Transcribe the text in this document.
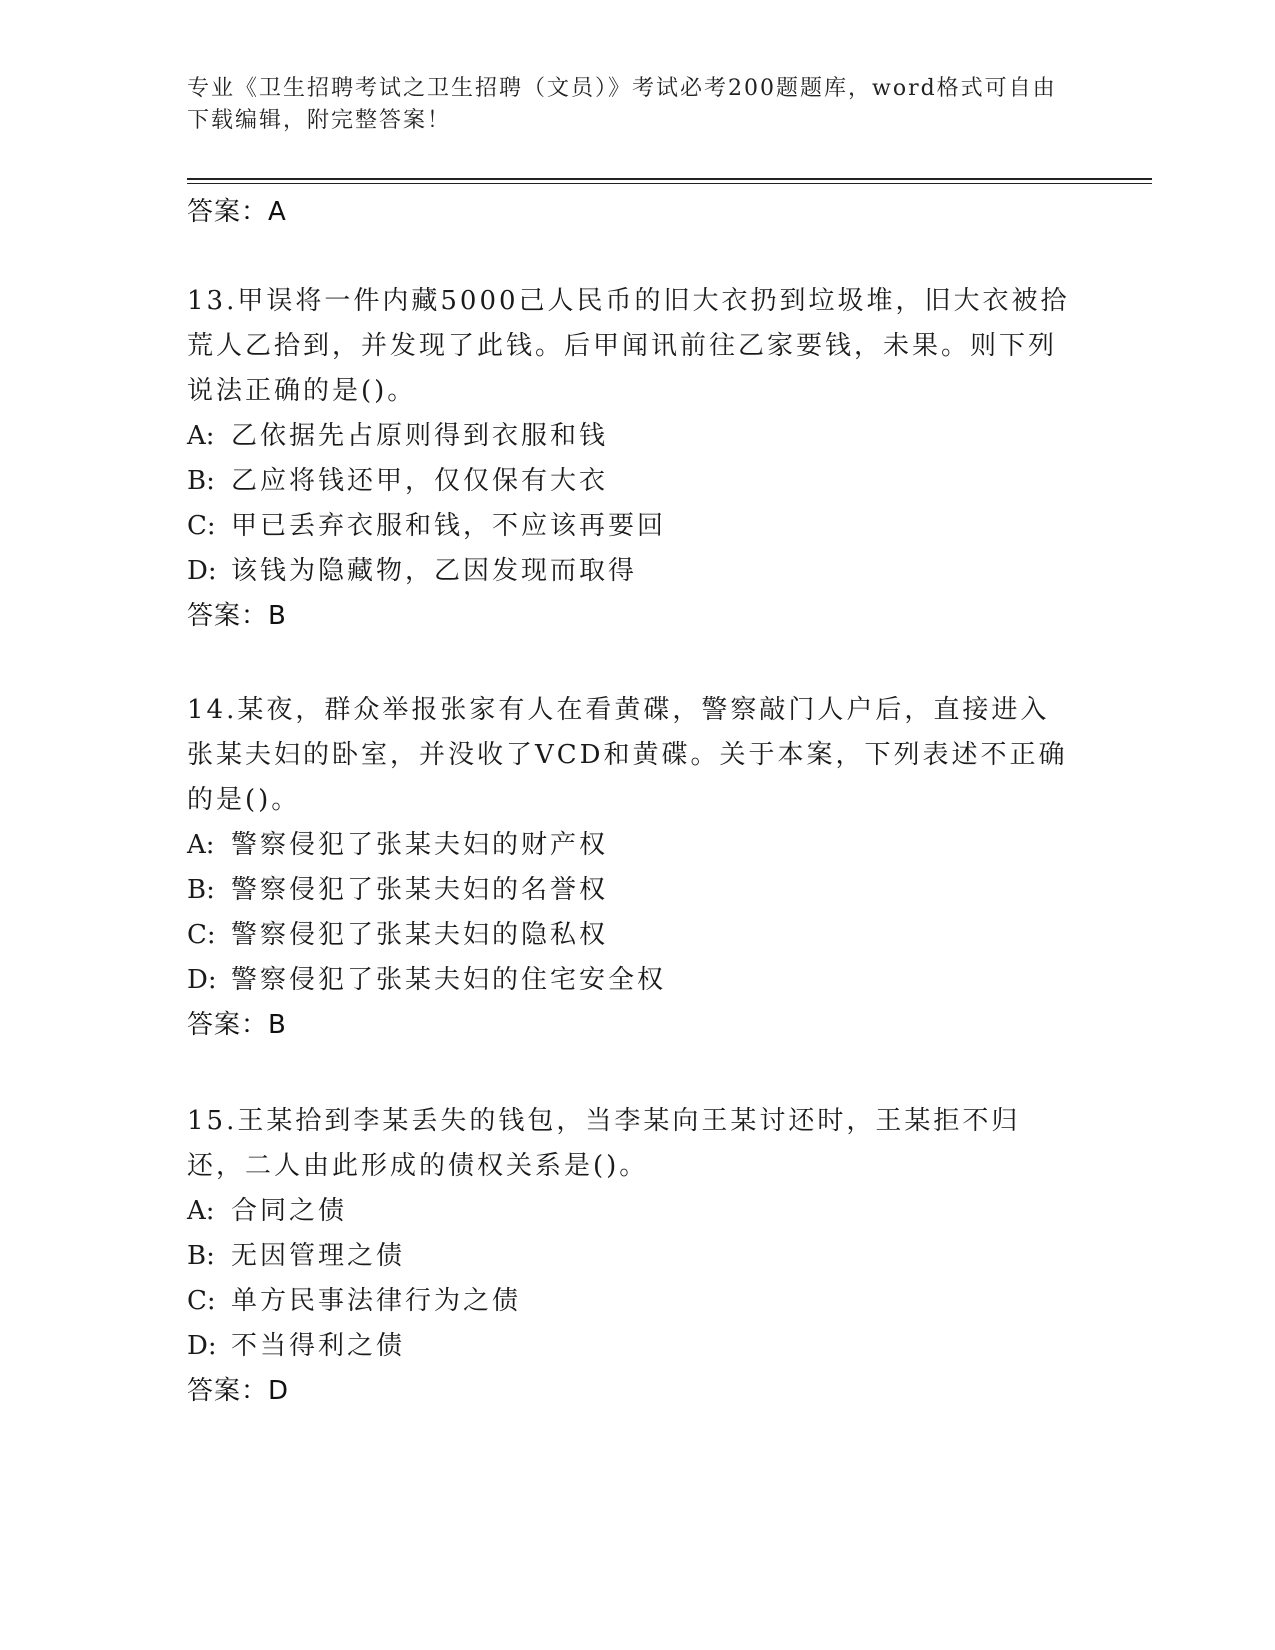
专业《卫生招聘考试之卫生招聘（文员）》考试必考200题题库，word格式可自由下载编辑，附完整答案！
答案：A
13.甲误将一件内藏5000己人民币的旧大衣扔到垃圾堆，旧大衣被拾荒人乙拾到，并发现了此钱。后甲闻讯前往乙家要钱，未果。则下列说法正确的是()。
A: 乙依据先占原则得到衣服和钱
B: 乙应将钱还甲，仅仅保有大衣
C: 甲已丢弃衣服和钱，不应该再要回
D: 该钱为隐藏物，乙因发现而取得
答案：B
14.某夜，群众举报张家有人在看黄碟，警察敲门人户后，直接进入张某夫妇的卧室，并没收了VCD和黄碟。关于本案，下列表述不正确的是()。
A: 警察侵犯了张某夫妇的财产权
B: 警察侵犯了张某夫妇的名誉权
C: 警察侵犯了张某夫妇的隐私权
D: 警察侵犯了张某夫妇的住宅安全权
答案：B
15.王某拾到李某丢失的钱包，当李某向王某讨还时，王某拒不归还，二人由此形成的债权关系是()。
A: 合同之债
B: 无因管理之债
C: 单方民事法律行为之债
D: 不当得利之债
答案：D
